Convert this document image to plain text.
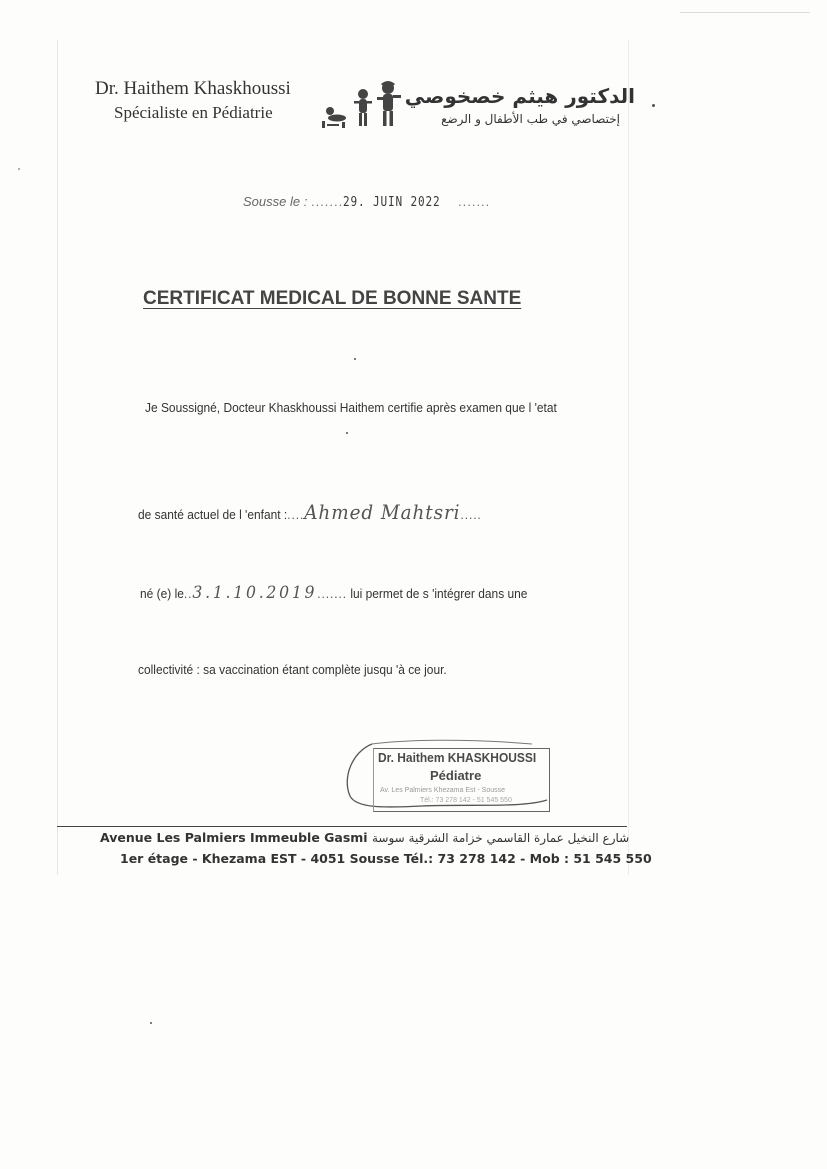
Dr. Haithem Khaskhoussi
Spécialiste en Pédiatrie
الدكتور هيثم خصخوصي
إختصاصي في طب الأطفال و الرضع
Sousse le : .......29. JUIN 2022 .......
CERTIFICAT MEDICAL DE BONNE SANTE
Je Soussigné, Docteur Khaskhoussi Haithem certifie après examen que l 'etat
de santé actuel de l 'enfant :....Ahmed Mahtsri.....
né (e) le..3.1.10.2019....... lui permet de s 'intégrer dans une
collectivité : sa vaccination étant complète jusqu 'à ce jour.
Dr. Haithem KHASKHOUSSI
Pédiatre
Av. Les Palmiers Khezama Est - Sousse
Tél.: 73 278 142 - 51 545 550
Avenue Les Palmiers Immeuble Gasmi شارع النخيل عمارة القاسمي خزامة الشرقية سوسة
1er étage - Khezama EST - 4051 Sousse Tél.: 73 278 142 - Mob : 51 545 550
